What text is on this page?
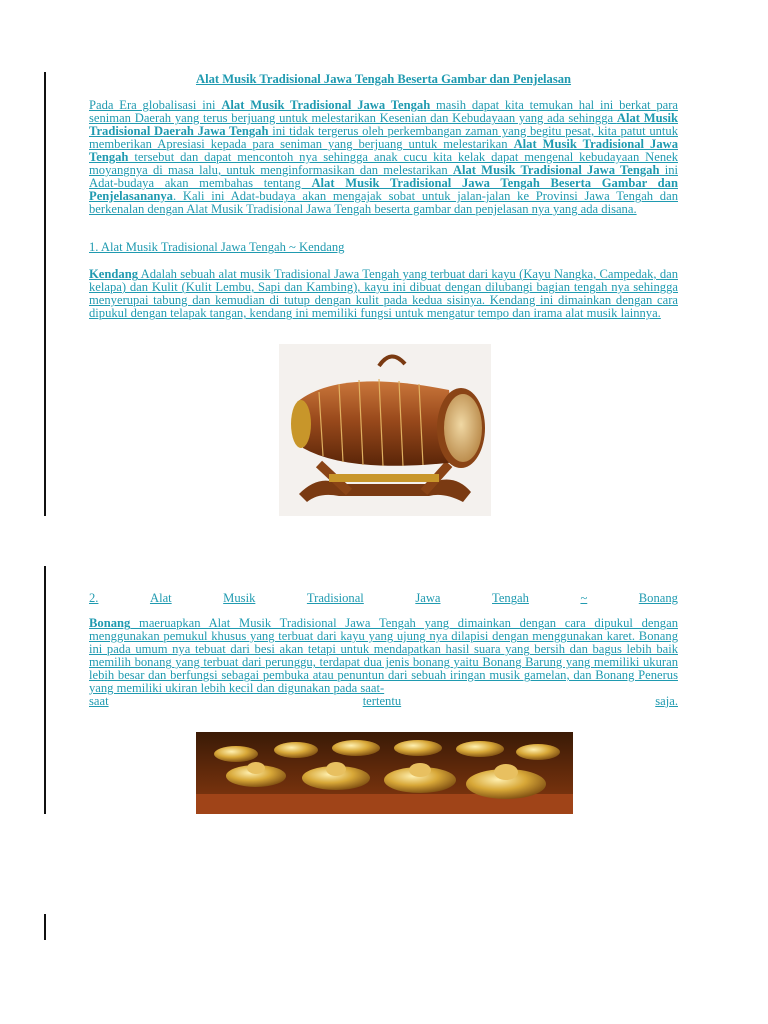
Alat Musik Tradisional Jawa Tengah Beserta Gambar dan Penjelasan
Pada Era globalisasi ini Alat Musik Tradisional Jawa Tengah masih dapat kita temukan hal ini berkat para seniman Daerah yang terus berjuang untuk melestarikan Kesenian dan Kebudayaan yang ada sehingga Alat Musik Tradisional Daerah Jawa Tengah ini tidak tergerus oleh perkembangan zaman yang begitu pesat, kita patut untuk memberikan Apresiasi kepada para seniman yang berjuang untuk melestarikan Alat Musik Tradisional Jawa Tengah tersebut dan dapat mencontoh nya sehingga anak cucu kita kelak dapat mengenal kebudayaan Nenek moyangnya di masa lalu, untuk menginformasikan dan melestarikan Alat Musik Tradisional Jawa Tengah ini Adat-budaya akan membahas tentang Alat Musik Tradisional Jawa Tengah Beserta Gambar dan Penjelasananya. Kali ini Adat-budaya akan mengajak sobat untuk jalan-jalan ke Provinsi Jawa Tengah dan berkenalan dengan Alat Musik Tradisional Jawa Tengah beserta gambar dan penjelasan nya yang ada disana.
1. Alat Musik Tradisional Jawa Tengah ~ Kendang
Kendang Adalah sebuah alat musik Tradisional Jawa Tengah yang terbuat dari kayu (Kayu Nangka, Campedak, dan kelapa) dan Kulit (Kulit Lembu, Sapi dan Kambing), kayu ini dibuat dengan dilubangi bagian tengah nya sehingga menyerupai tabung dan kemudian di tutup dengan kulit pada kedua sisinya. Kendang ini dimainkan dengan cara dipukul dengan telapak tangan, kendang ini memiliki fungsi untuk mengatur tempo dan irama alat musik lainnya.
2.	Alat	Musik	Tradisional	Jawa	Tengah	~	Bonang
Bonang maeruapkan Alat Musik Tradisional Jawa Tengah yang dimainkan dengan cara dipukul dengan menggunakan pemukul khusus yang terbuat dari kayu yang ujung nya dilapisi dengan menggunakan karet. Bonang ini pada umum nya tebuat dari besi akan tetapi untuk mendapatkan hasil suara yang bersih dan bagus lebih baik memilih bonang yang terbuat dari perunggu, terdapat dua jenis bonang yaitu Bonang Barung yang memiliki ukuran lebih besar dan berfungsi sebagai pembuka atau penuntun dari sebuah iringan musik gamelan, dan Bonang Penerus yang memiliki ukiran lebih kecil dan digunakan pada saat-
saat	tertentu	saja.
